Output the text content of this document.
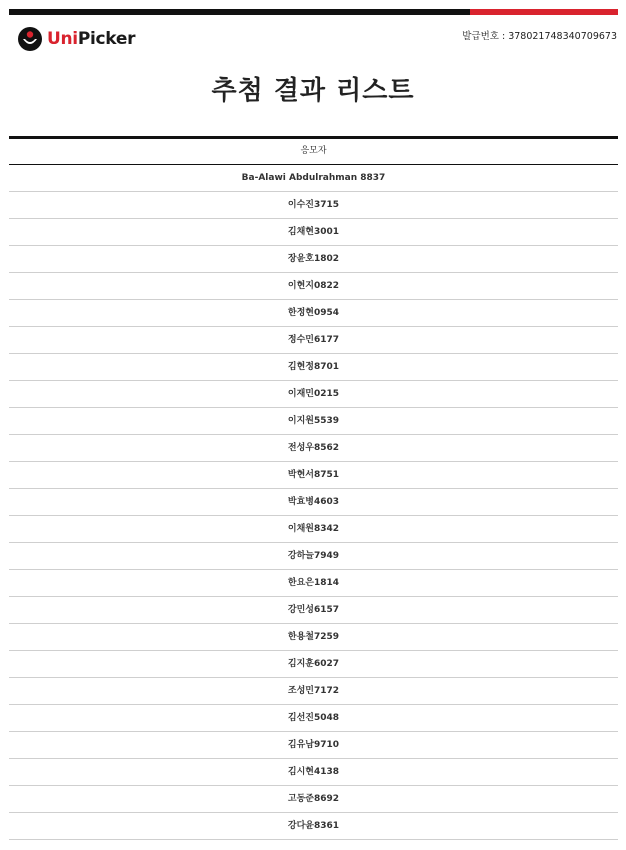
UniPicker	발급번호 : 378021748340709673
추첨 결과 리스트
응모자
Ba-Alawi Abdulrahman 8837
이수진3715
김채현3001
장윤호1802
이현지0822
한정현0954
정수민6177
김현정8701
이재민0215
이지원5539
전성우8562
박현서8751
박효병4603
이채원8342
강하늘7949
한요은1814
강민성6157
한용철7259
김지훈6027
조성민7172
김선진5048
김유남9710
김시현4138
고동준8692
강다윤8361
